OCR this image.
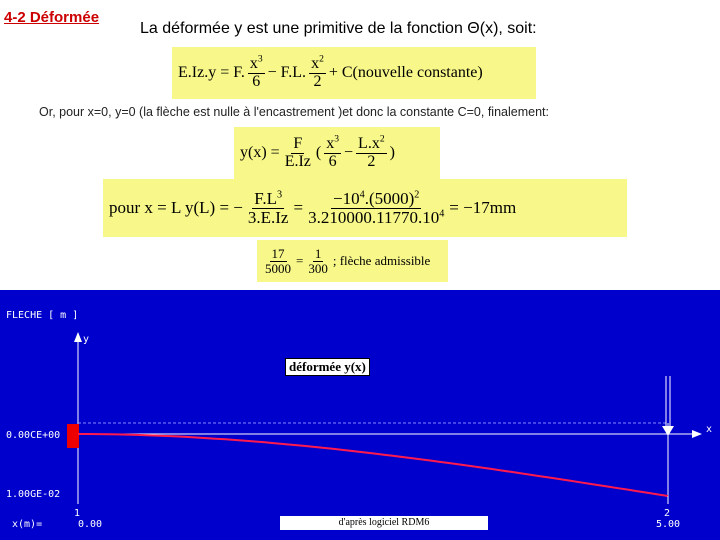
4-2 Déformée
La déformée y est une primitive de la fonction Θ(x), soit:
E.Iz.y = F. $\frac{x^3}{6} - F.L$. $\frac{x^2}{2}$ + C(nouvelle constante)
Or, pour x=0, y=0 (la flèche est nulle à l'encastrement )et donc la constante C=0, finalement:
$y(x) = \frac{F}{E.Iz}$ ( $\frac{x^3}{6} - \frac{L.x^2}{2}$ )
pour x = L y(L) = − $\frac{F.L^3}{3.E.Iz} = \frac{-10^4.(5000)^2}{3.210000.11770.10^4} = -17mm$
$\frac{17}{5000} = \frac{1}{300}$ ; flèche admissible
FLECHE [ m ]
y
x
déformée y(x)
0.00CE+00
1.00GE-02
1	2
x(m)=	0.00	5.00
d'après logiciel RDM6
